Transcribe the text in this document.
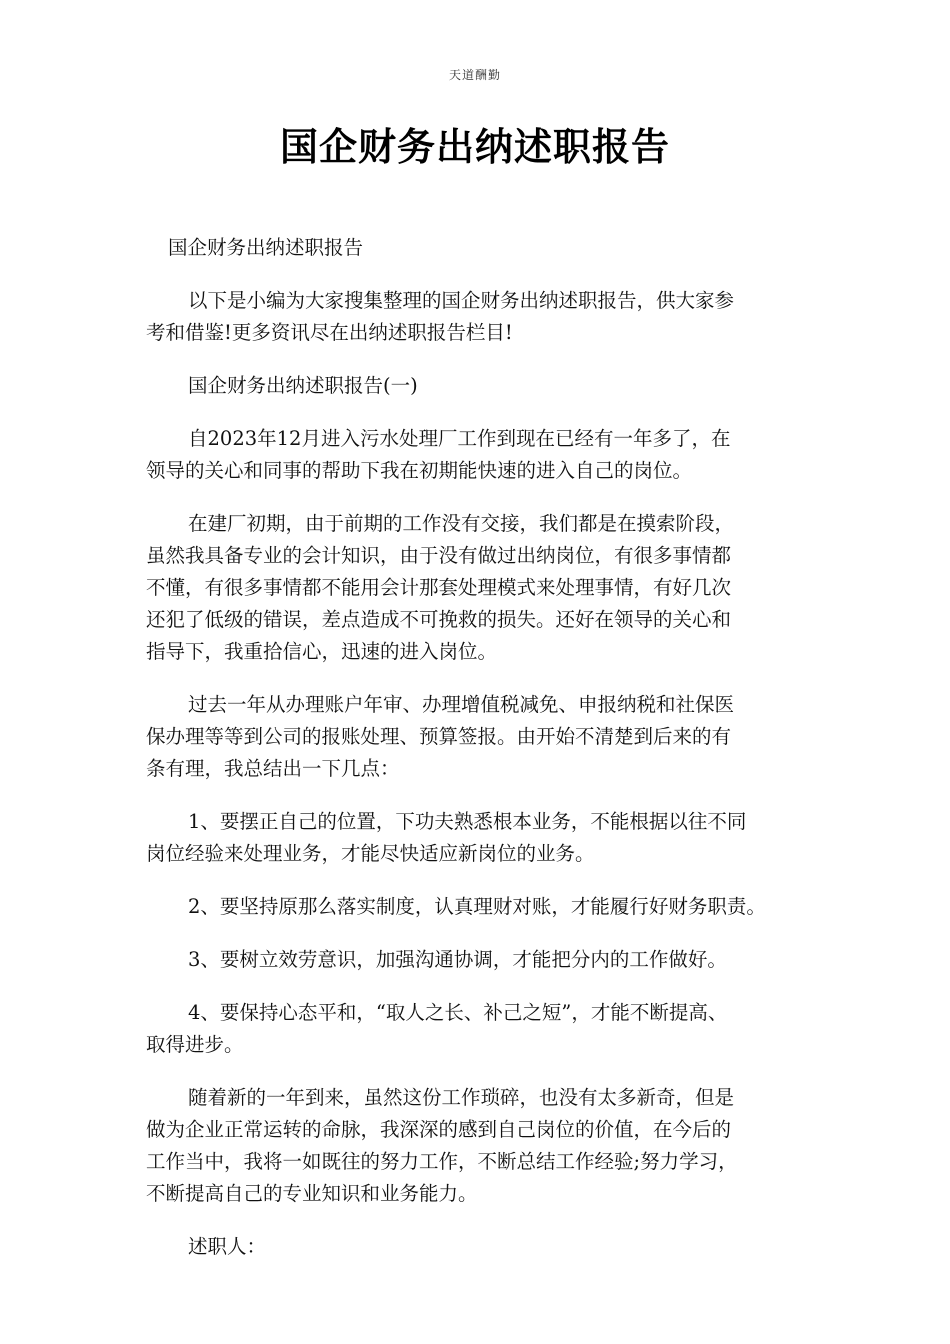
天道酬勤
国企财务出纳述职报告

国企财务出纳述职报告

以下是小编为大家搜集整理的国企财务出纳述职报告，供大家参
考和借鉴!更多资讯尽在出纳述职报告栏目!

国企财务出纳述职报告(一)

自2023年12月进入污水处理厂工作到现在已经有一年多了，在
领导的关心和同事的帮助下我在初期能快速的进入自己的岗位。

在建厂初期，由于前期的工作没有交接，我们都是在摸索阶段，
虽然我具备专业的会计知识，由于没有做过出纳岗位，有很多事情都
不懂，有很多事情都不能用会计那套处理模式来处理事情，有好几次
还犯了低级的错误，差点造成不可挽救的损失。还好在领导的关心和
指导下，我重拾信心，迅速的进入岗位。

过去一年从办理账户年审、办理增值税减免、申报纳税和社保医
保办理等等到公司的报账处理、预算签报。由开始不清楚到后来的有
条有理，我总结出一下几点：

1、要摆正自己的位置，下功夫熟悉根本业务，不能根据以往不同
岗位经验来处理业务，才能尽快适应新岗位的业务。

2、要坚持原那么落实制度，认真理财对账，才能履行好财务职责。

3、要树立效劳意识，加强沟通协调，才能把分内的工作做好。

4、要保持心态平和，“取人之长、补己之短”，才能不断提高、
取得进步。

随着新的一年到来，虽然这份工作琐碎，也没有太多新奇，但是
做为企业正常运转的命脉，我深深的感到自己岗位的价值，在今后的
工作当中，我将一如既往的努力工作，不断总结工作经验;努力学习，
不断提高自己的专业知识和业务能力。

述职人：
